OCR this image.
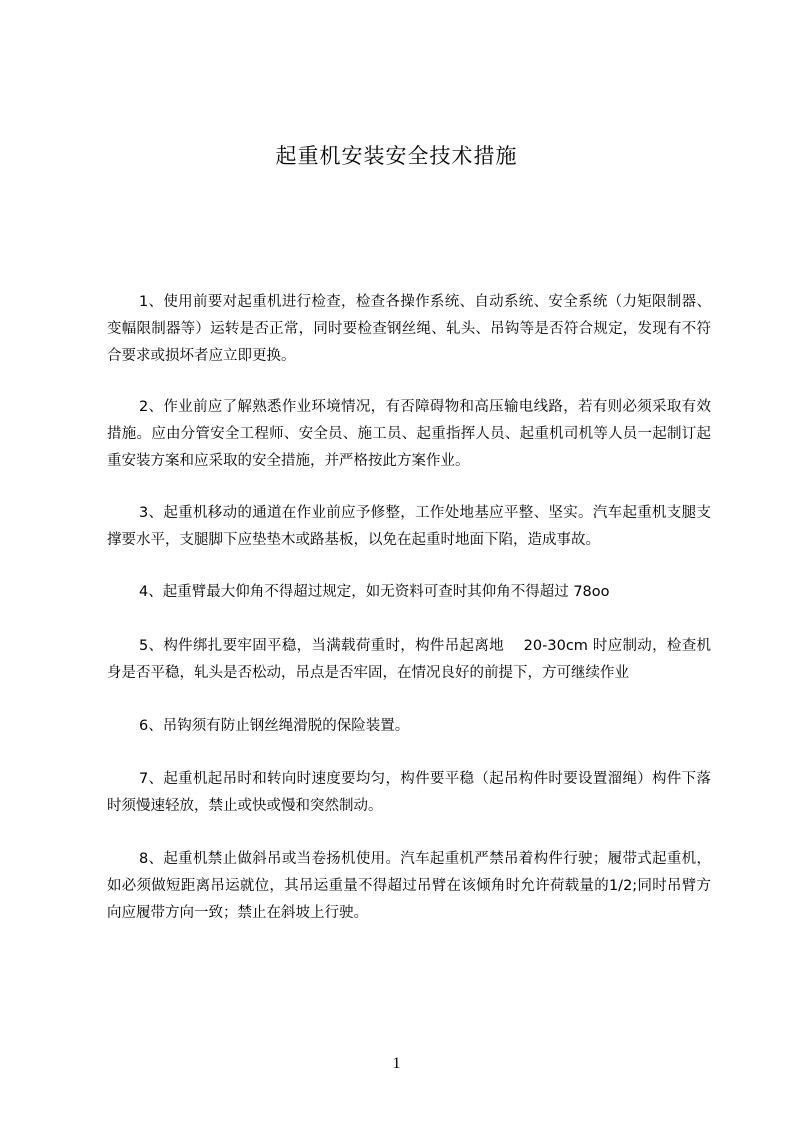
起重机安装安全技术措施

1、使用前要对起重机进行检查，检查各操作系统、自动系统、安全系统（力矩限制器、变幅限制器等）运转是否正常，同时要检查钢丝绳、轧头、吊钩等是否符合规定，发现有不符合要求或损坏者应立即更换。

2、作业前应了解熟悉作业环境情况，有否障碍物和高压输电线路，若有则必须采取有效措施。应由分管安全工程师、安全员、施工员、起重指挥人员、起重机司机等人员一起制订起重安装方案和应采取的安全措施，并严格按此方案作业。

3、起重机移动的通道在作业前应予修整，工作处地基应平整、坚实。汽车起重机支腿支撑要水平，支腿脚下应垫垫木或路基板，以免在起重时地面下陷，造成事故。

4、起重臂最大仰角不得超过规定，如无资料可查时其仰角不得超过 78oo

5、构件绑扎要牢固平稳，当满载荷重时，构件吊起离地　 20-30cm 时应制动，检查机身是否平稳，轧头是否松动，吊点是否牢固，在情况良好的前提下，方可继续作业

6、吊钩须有防止钢丝绳滑脱的保险装置。

7、起重机起吊时和转向时速度要均匀，构件要平稳（起吊构件时要设置溜绳）构件下落时须慢速轻放，禁止或快或慢和突然制动。

8、起重机禁止做斜吊或当卷扬机使用。汽车起重机严禁吊着构件行驶；履带式起重机，如必须做短距离吊运就位，其吊运重量不得超过吊臂在该倾角时允许荷载量的1/2;同时吊臂方向应履带方向一致；禁止在斜坡上行驶。

1
